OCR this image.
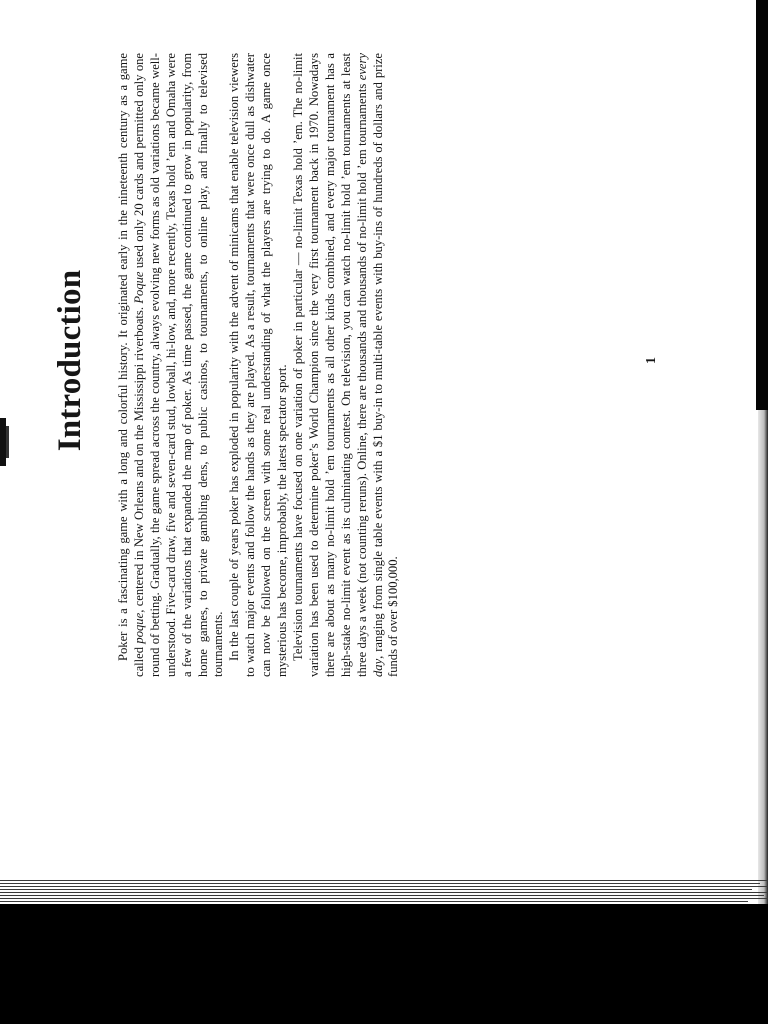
Introduction Poker is a fascinating game with a long and colorful history. It originated early in the nineteenth century as a game called poque, centered in New Orleans and on the Mississippi riverboats. Poque used only 20 cards and permitted only one round of betting. Gradually, the game spread across the country, always evolving new forms as old variations became well-understood. Five-card draw, five and seven-card stud, lowball, hi-low, and, more recently, Texas hold ’em and Omaha were a few of the variations that expanded the map of poker. As time passed, the game continued to grow in popularity, from home games, to private gambling dens, to public casinos, to tournaments, to online play, and finally to televised tournaments. In the last couple of years poker has exploded in popularity with the advent of minicams that enable television viewers to watch major events and follow the hands as they are played. As a result, tournaments that were once dull as dishwater can now be followed on the screen with some real understanding of what the players are trying to do. A game once mysterious has become, improbably, the latest spectator sport. Television tournaments have focused on one variation of poker in particular — no-limit Texas hold ’em. The no-limit variation has been used to determine poker’s World Champion since the very first tournament back in 1970. Nowadays there are about as many no-limit hold ’em tournaments as all other kinds combined, and every major tournament has a high-stake no-limit event as its culminating contest. On television, you can watch no-limit hold ’em tournaments at least three days a week (not counting reruns). Online, there are thousands and thousands of no-limit hold ’em tournaments every day, ranging from single table events with a $1 buy-in to multi-table events with buy-ins of hundreds of dollars and prize funds of over $100,000.

1
